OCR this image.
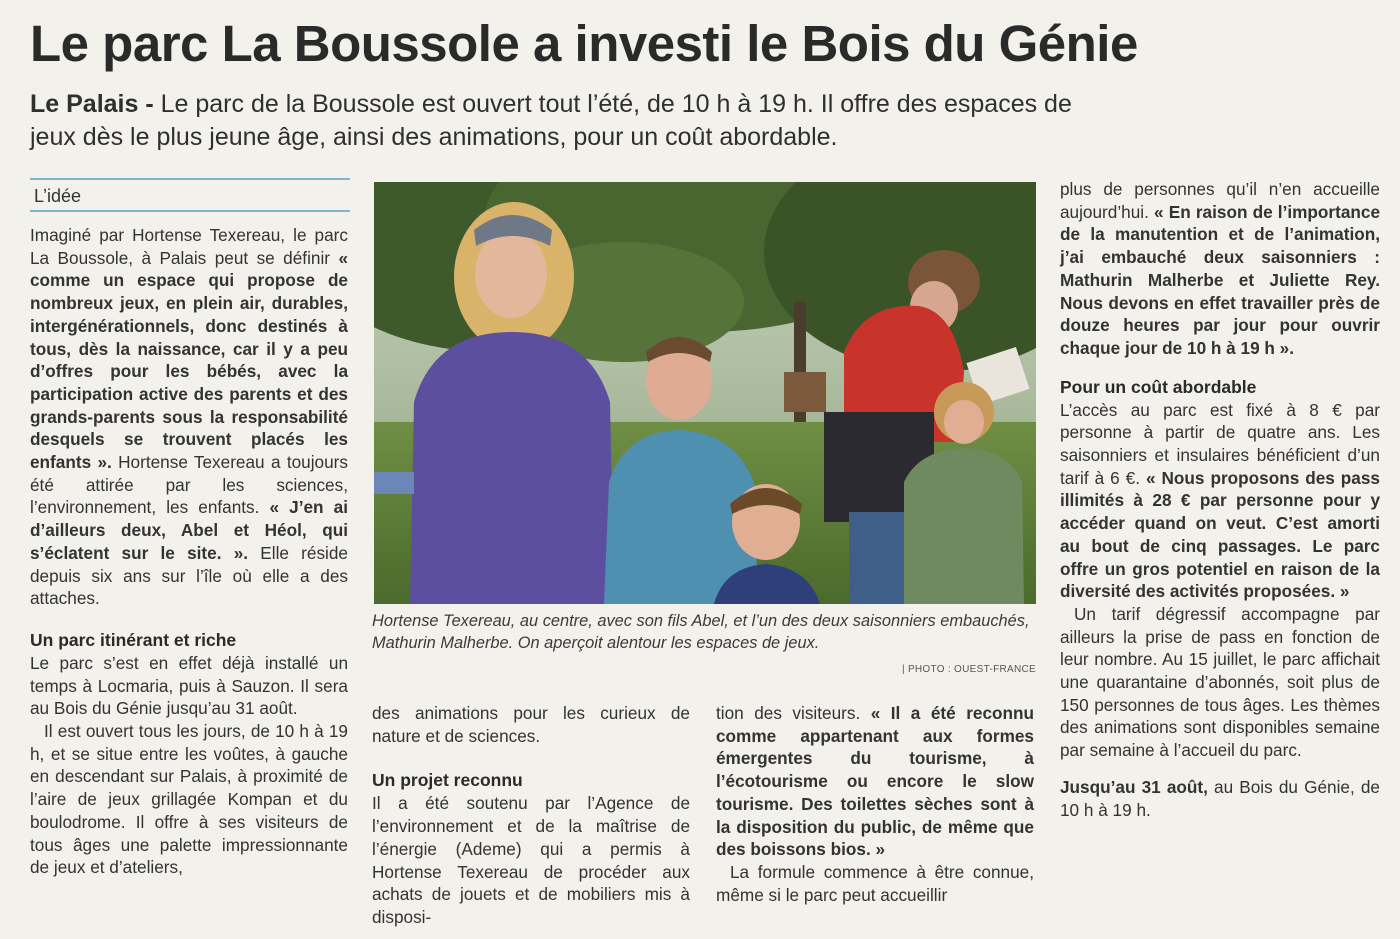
Le parc La Boussole a investi le Bois du Génie
Le Palais - Le parc de la Boussole est ouvert tout l’été, de 10 h à 19 h. Il offre des espaces de jeux dès le plus jeune âge, ainsi des animations, pour un coût abordable.
L’idée

Imaginé par Hortense Texereau, le parc La Boussole, à Palais peut se définir « comme un espace qui propose de nombreux jeux, en plein air, durables, intergénérationnels, donc destinés à tous, dès la naissance, car il y a peu d’offres pour les bébés, avec la participation active des parents et des grands-parents sous la responsabilité desquels se trouvent placés les enfants ». Hortense Texereau a toujours été attirée par les sciences, l’environnement, les enfants. « J’en ai d’ailleurs deux, Abel et Héol, qui s’éclatent sur le site. ». Elle réside depuis six ans sur l’île où elle a des attaches.

Un parc itinérant et riche

Le parc s’est en effet déjà installé un temps à Locmaria, puis à Sauzon. Il sera au Bois du Génie jusqu’au 31 août.

Il est ouvert tous les jours, de 10 h à 19 h, et se situe entre les voûtes, à gauche en descendant sur Palais, à proximité de l’aire de jeux grillagée Kompan et du boulodrome. Il offre à ses visiteurs de tous âges une palette impressionnante de jeux et d’ateliers,

Hortense Texereau, au centre, avec son fils Abel, et l’un des deux saisonniers embauchés, Mathurin Malherbe. On aperçoit alentour les espaces de jeux.
| PHOTO : OUEST-FRANCE

des animations pour les curieux de nature et de sciences.

Un projet reconnu

Il a été soutenu par l’Agence de l’environnement et de la maîtrise de l’énergie (Ademe) qui a permis à Hortense Texereau de procéder aux achats de jouets et de mobiliers mis à disposi-

tion des visiteurs. « Il a été reconnu comme appartenant aux formes émergentes du tourisme, à l’écotourisme ou encore le slow tourisme. Des toilettes sèches sont à la disposition du public, de même que des boissons bios. »

La formule commence à être connue, même si le parc peut accueillir

plus de personnes qu’il n’en accueille aujourd’hui. « En raison de l’importance de la manutention et de l’animation, j’ai embauché deux saisonniers : Mathurin Malherbe et Juliette Rey. Nous devons en effet travailler près de douze heures par jour pour ouvrir chaque jour de 10 h à 19 h ».

Pour un coût abordable

L’accès au parc est fixé à 8 € par personne à partir de quatre ans. Les saisonniers et insulaires bénéficient d’un tarif à 6 €. « Nous proposons des pass illimités à 28 € par personne pour y accéder quand on veut. C’est amorti au bout de cinq passages. Le parc offre un gros potentiel en raison de la diversité des activités proposées. »

Un tarif dégressif accompagne par ailleurs la prise de pass en fonction de leur nombre. Au 15 juillet, le parc affichait une quarantaine d’abonnés, soit plus de 150 personnes de tous âges. Les thèmes des animations sont disponibles semaine par semaine à l’accueil du parc.

Jusqu’au 31 août, au Bois du Génie, de 10 h à 19 h.
